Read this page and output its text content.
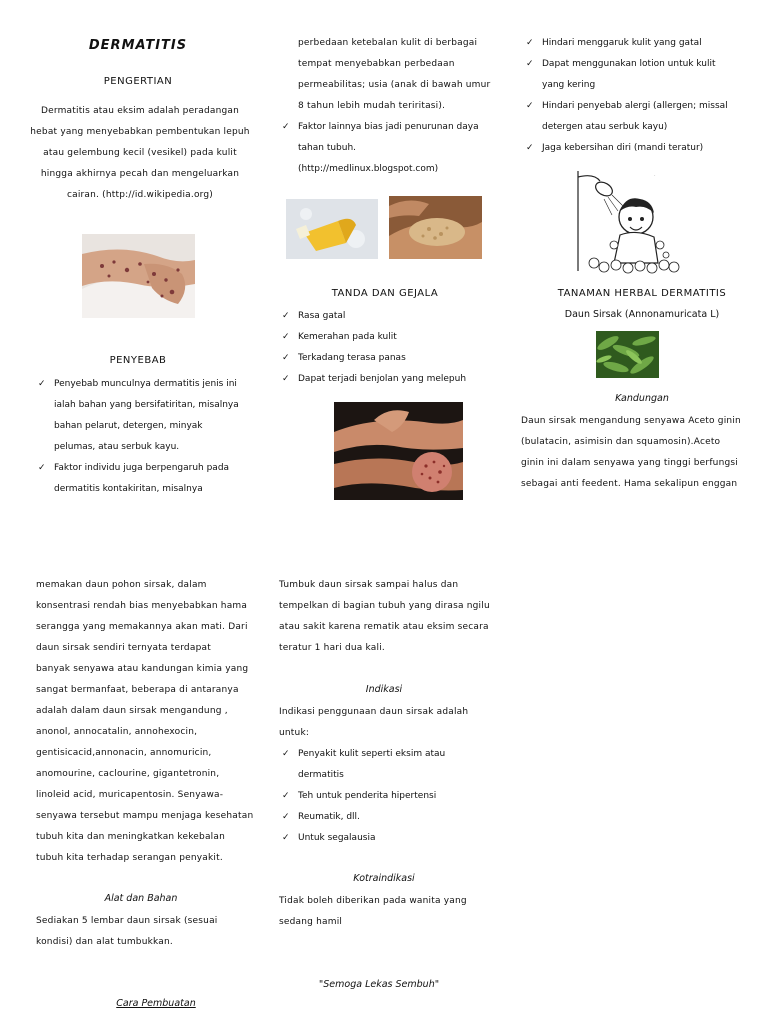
DERMATITIS
PENGERTIAN
Dermatitis atau eksim adalah peradangan
hebat yang menyebabkan pembentukan lepuh
atau gelembung kecil (vesikel) pada kulit
hingga akhirnya pecah dan mengeluarkan
cairan. (http://id.wikipedia.org)
PENYEBAB
✓ Penyebab munculnya dermatitis jenis ini
ialah bahan yang bersifatiritan, misalnya
bahan pelarut, detergen, minyak
pelumas, atau serbuk kayu.
✓ Faktor individu juga berpengaruh pada
dermatitis kontakiritan, misalnya
perbedaan ketebalan kulit di berbagai
tempat menyebabkan perbedaan
permeabilitas; usia (anak di bawah umur
8 tahun lebih mudah teriritasi).
✓ Faktor lainnya bias jadi penurunan daya
tahan tubuh.
(http://medlinux.blogspot.com)
TANDA DAN GEJALA
✓ Rasa gatal
✓ Kemerahan pada kulit
✓ Terkadang terasa panas
✓ Dapat terjadi benjolan yang melepuh
✓ Hindari menggaruk kulit yang gatal
✓ Dapat menggunakan lotion untuk kulit
yang kering
✓ Hindari penyebab alergi (allergen; missal
detergen atau serbuk kayu)
✓ Jaga kebersihan diri (mandi teratur)
·
TANAMAN HERBAL DERMATITIS
Daun Sirsak (Annonamuricata L)
Kandungan
Daun sirsak mengandung senyawa Aceto ginin
(bulatacin, asimisin dan squamosin).Aceto
ginin ini dalam senyawa yang tinggi berfungsi
sebagai anti feedent. Hama sekalipun enggan
memakan daun pohon sirsak, dalam
konsentrasi rendah bias menyebabkan hama
serangga yang memakannya akan mati. Dari
daun sirsak sendiri ternyata terdapat
banyak senyawa atau kandungan kimia yang
sangat bermanfaat, beberapa di antaranya
adalah dalam daun sirsak mengandung ,
anonol, annocatalin, annohexocin,
gentisicacid,annonacin, annomuricin,
anomourine, caclourine, gigantetronin,
linoleid acid, muricapentosin. Senyawa-
senyawa tersebut mampu menjaga kesehatan
tubuh kita dan meningkatkan kekebalan
tubuh kita terhadap serangan penyakit.
Alat dan Bahan
Sediakan 5 lembar daun sirsak (sesuai
kondisi) dan alat tumbukkan.
Cara Pembuatan
Tumbuk daun sirsak sampai halus dan
tempelkan di bagian tubuh yang dirasa ngilu
atau sakit karena rematik atau eksim secara
teratur 1 hari dua kali.
Indikasi
Indikasi penggunaan daun sirsak adalah
untuk:
✓ Penyakit kulit seperti eksim atau
dermatitis
✓ Teh untuk penderita hipertensi
✓ Reumatik, dll.
✓ Untuk segalausia
Kotraindikasi
Tidak boleh diberikan pada wanita yang
sedang hamil
"Semoga Lekas Sembuh"
